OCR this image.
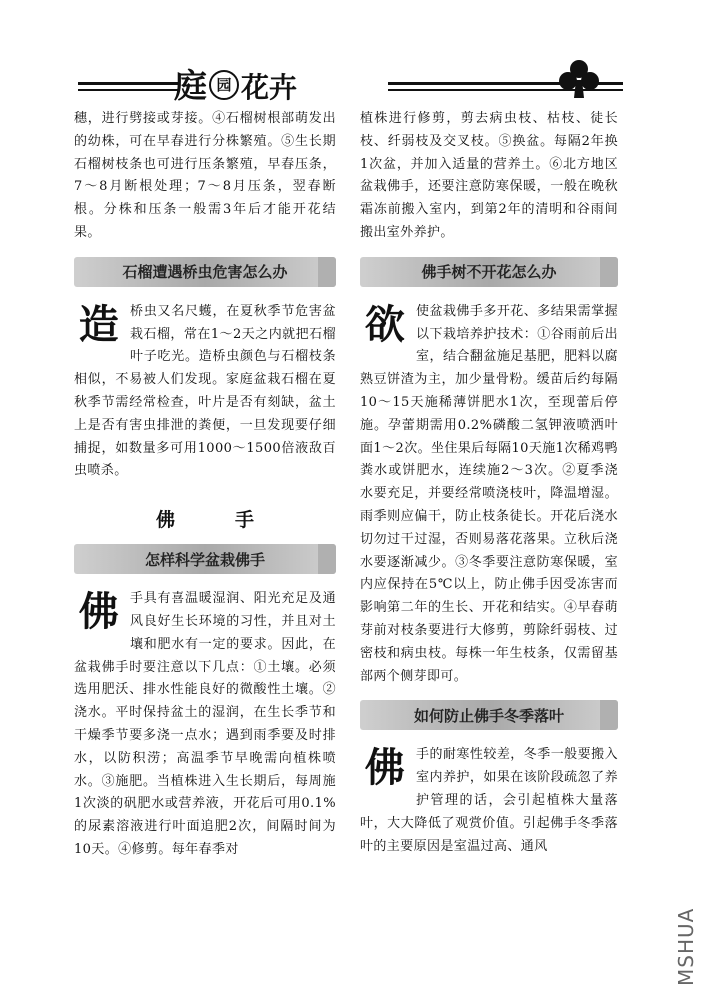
庭 园 花卉

穗，进行劈接或芽接。④石榴树根部萌发出的幼株，可在早春进行分株繁殖。⑤生长期石榴树枝条也可进行压条繁殖，早春压条，7～8月断根处理；7～8月压条，翌春断根。分株和压条一般需3年后才能开花结果。

石榴遭遇桥虫危害怎么办

造桥虫又名尺蠖，在夏秋季节危害盆栽石榴，常在1～2天之内就把石榴叶子吃光。造桥虫颜色与石榴枝条相似，不易被人们发现。家庭盆栽石榴在夏秋季节需经常检查，叶片是否有刻缺，盆土上是否有害虫排泄的粪便，一旦发现要仔细捕捉，如数量多可用1000～1500倍液敌百虫喷杀。

佛手
怎样科学盆栽佛手

佛手具有喜温暖湿润、阳光充足及通风良好生长环境的习性，并且对土壤和肥水有一定的要求。因此，在盆栽佛手时要注意以下几点：①土壤。必须选用肥沃、排水性能良好的微酸性土壤。②浇水。平时保持盆土的湿润，在生长季节和干燥季节要多浇一点水；遇到雨季要及时排水，以防积涝；高温季节早晚需向植株喷水。③施肥。当植株进入生长期后，每周施1次淡的矾肥水或营养液，开花后可用0.1%的尿素溶液进行叶面追肥2次，间隔时间为10天。④修剪。每年春季对

植株进行修剪，剪去病虫枝、枯枝、徒长枝、纤弱枝及交叉枝。⑤换盆。每隔2年换1次盆，并加入适量的营养土。⑥北方地区盆栽佛手，还要注意防寒保暖，一般在晚秋霜冻前搬入室内，到第2年的清明和谷雨间搬出室外养护。

佛手树不开花怎么办

欲使盆栽佛手多开花、多结果需掌握以下栽培养护技术：①谷雨前后出室，结合翻盆施足基肥，肥料以腐熟豆饼渣为主，加少量骨粉。缓苗后约每隔10～15天施稀薄饼肥水1次，至现蕾后停施。孕蕾期需用0.2%磷酸二氢钾液喷洒叶面1～2次。坐住果后每隔10天施1次稀鸡鸭粪水或饼肥水，连续施2～3次。②夏季浇水要充足，并要经常喷浇枝叶，降温增湿。雨季则应偏干，防止枝条徒长。开花后浇水切勿过干过湿，否则易落花落果。立秋后浇水要逐渐减少。③冬季要注意防寒保暖，室内应保持在5℃以上，防止佛手因受冻害而影响第二年的生长、开花和结实。④早春萌芽前对枝条要进行大修剪，剪除纤弱枝、过密枝和病虫枝。每株一年生枝条，仅需留基部两个侧芽即可。

如何防止佛手冬季落叶

佛手的耐寒性较差，冬季一般要搬入室内养护，如果在该阶段疏忽了养护管理的话，会引起植株大量落叶，大大降低了观赏价值。引起佛手冬季落叶的主要原因是室温过高、通风

MSHUA
